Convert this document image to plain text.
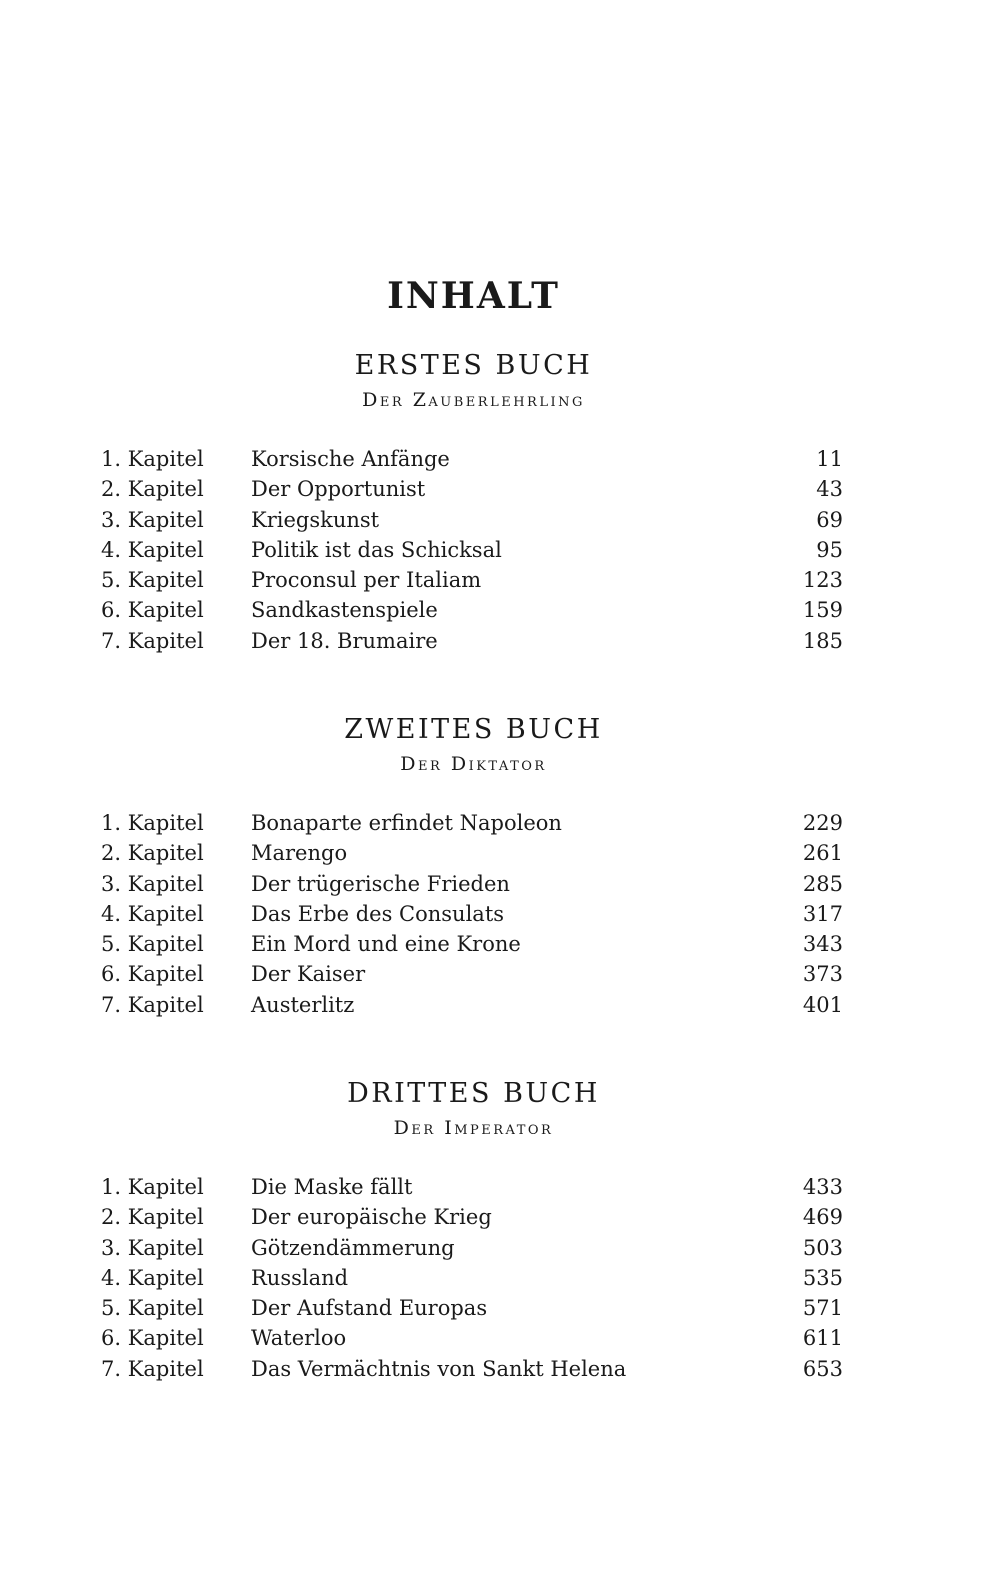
INHALT
ERSTES BUCH
Der Zauberlehrling
1. Kapitel Korsische Anfänge	11
2. Kapitel Der Opportunist	43
3. Kapitel Kriegskunst	69
4. Kapitel Politik ist das Schicksal	95
5. Kapitel Proconsul per Italiam	123
6. Kapitel Sandkastenspiele	159
7. Kapitel Der 18. Brumaire	185
ZWEITES BUCH
Der Diktator
1. Kapitel Bonaparte erfindet Napoleon	229
2. Kapitel Marengo	261
3. Kapitel Der trügerische Frieden	285
4. Kapitel Das Erbe des Consulats	317
5. Kapitel Ein Mord und eine Krone	343
6. Kapitel Der Kaiser	373
7. Kapitel Austerlitz	401
DRITTES BUCH
Der Imperator
1. Kapitel Die Maske fällt	433
2. Kapitel Der europäische Krieg	469
3. Kapitel Götzendämmerung	503
4. Kapitel Russland	535
5. Kapitel Der Aufstand Europas	571
6. Kapitel Waterloo	611
7. Kapitel Das Vermächtnis von Sankt Helena	653
